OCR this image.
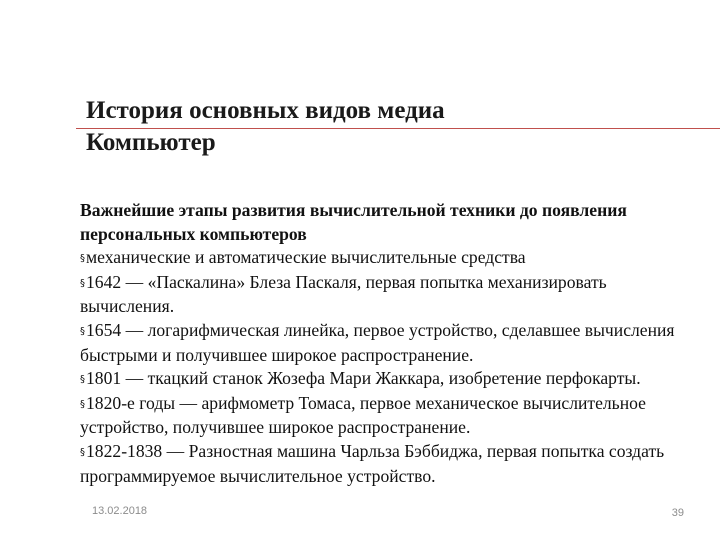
История основных видов медиа
Компьютер
Важнейшие этапы развития вычислительной техники до появления персональных компьютеров
§механические и автоматические вычислительные средства
§1642 — «Паскалина» Блеза Паскаля, первая попытка механизировать вычисления.
§1654 — логарифмическая линейка, первое устройство, сделавшее вычисления быстрыми и получившее широкое распространение.
§1801 — ткацкий станок Жозефа Мари Жаккара, изобретение перфокарты.
§1820-е годы — арифмометр Томаса, первое механическое вычислительное устройство, получившее широкое распространение.
§1822-1838 — Разностная машина Чарльза Бэббиджа, первая попытка создать программируемое вычислительное устройство.
13.02.2018	39
